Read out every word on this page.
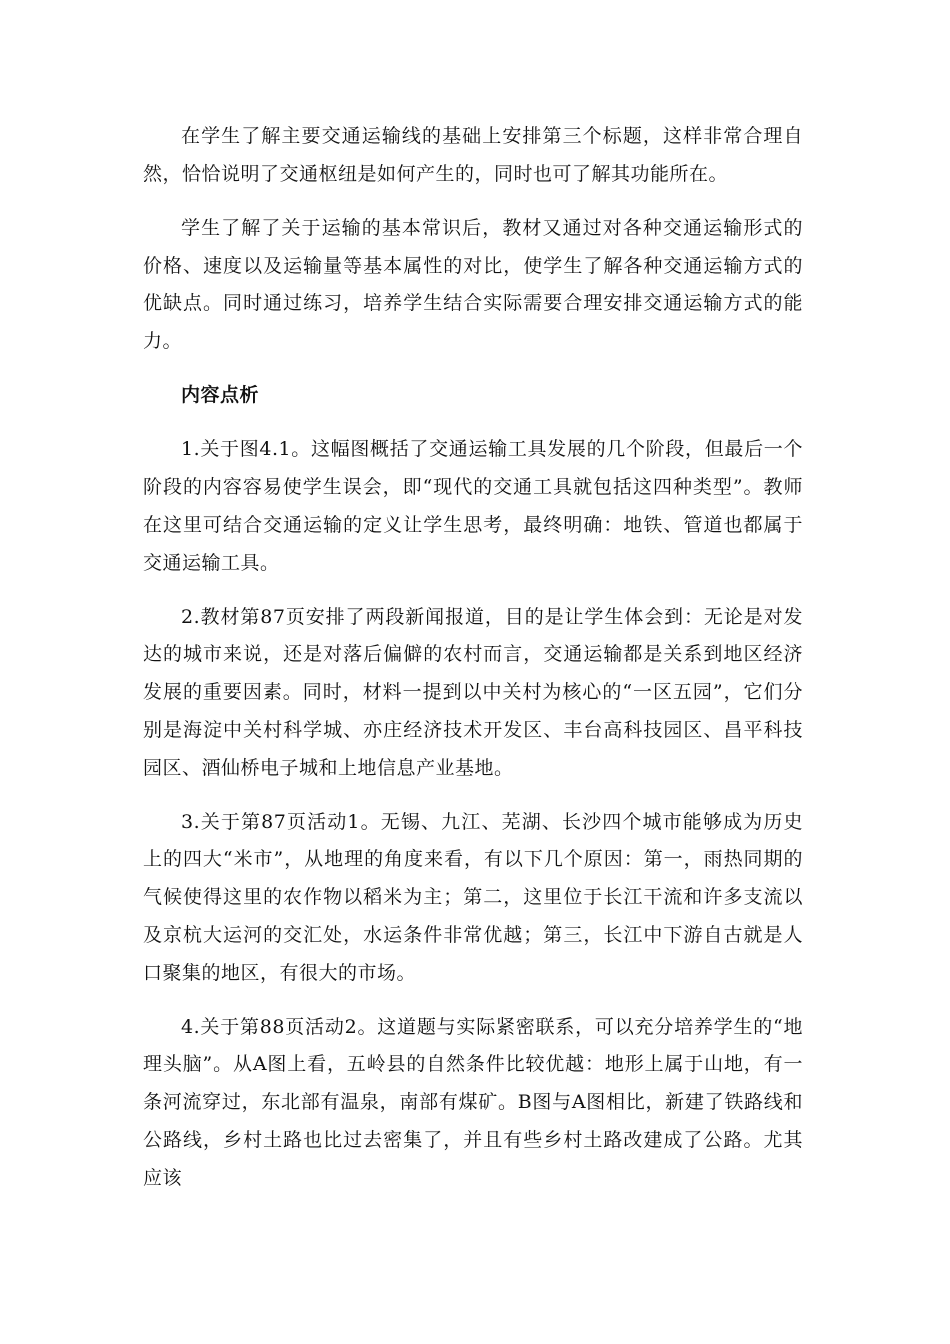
在学生了解主要交通运输线的基础上安排第三个标题，这样非常合理自然，恰恰说明了交通枢纽是如何产生的，同时也可了解其功能所在。

学生了解了关于运输的基本常识后，教材又通过对各种交通运输形式的价格、速度以及运输量等基本属性的对比，使学生了解各种交通运输方式的优缺点。同时通过练习，培养学生结合实际需要合理安排交通运输方式的能力。

内容点析

1.关于图4.1。这幅图概括了交通运输工具发展的几个阶段，但最后一个阶段的内容容易使学生误会，即“现代的交通工具就包括这四种类型”。教师在这里可结合交通运输的定义让学生思考，最终明确：地铁、管道也都属于交通运输工具。

2.教材第87页安排了两段新闻报道，目的是让学生体会到：无论是对发达的城市来说，还是对落后偏僻的农村而言，交通运输都是关系到地区经济发展的重要因素。同时，材料一提到以中关村为核心的“一区五园”，它们分别是海淀中关村科学城、亦庄经济技术开发区、丰台高科技园区、昌平科技园区、酒仙桥电子城和上地信息产业基地。

3.关于第87页活动1。无锡、九江、芜湖、长沙四个城市能够成为历史上的四大“米市”，从地理的角度来看，有以下几个原因：第一，雨热同期的气候使得这里的农作物以稻米为主；第二，这里位于长江干流和许多支流以及京杭大运河的交汇处，水运条件非常优越；第三，长江中下游自古就是人口聚集的地区，有很大的市场。

4.关于第88页活动2。这道题与实际紧密联系，可以充分培养学生的“地理头脑”。从A图上看，五岭县的自然条件比较优越：地形上属于山地，有一条河流穿过，东北部有温泉，南部有煤矿。B图与A图相比，新建了铁路线和公路线，乡村土路也比过去密集了，并且有些乡村土路改建成了公路。尤其应该
